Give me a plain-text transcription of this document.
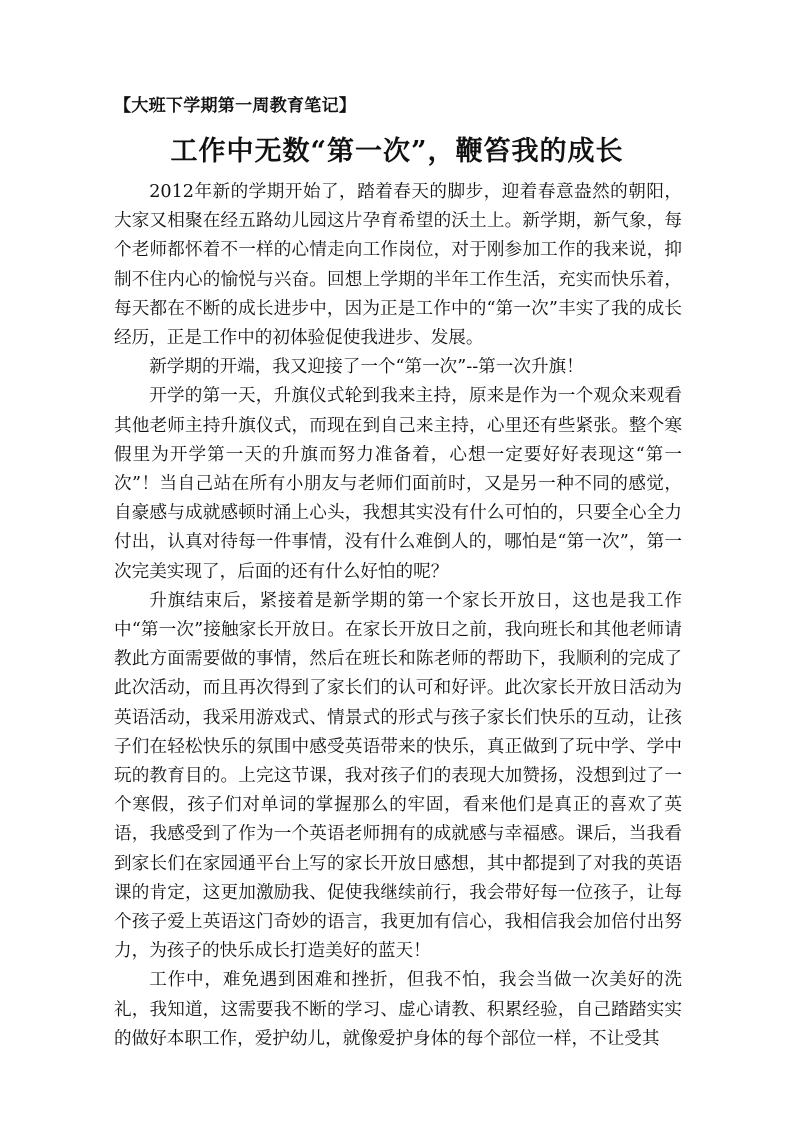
【大班下学期第一周教育笔记】
工作中无数“第一次”，鞭笞我的成长

2012年新的学期开始了，踏着春天的脚步，迎着春意盎然的朝阳，大家又相聚在经五路幼儿园这片孕育希望的沃土上。新学期，新气象，每个老师都怀着不一样的心情走向工作岗位，对于刚参加工作的我来说，抑制不住内心的愉悦与兴奋。回想上学期的半年工作生活，充实而快乐着，每天都在不断的成长进步中，因为正是工作中的“第一次”丰实了我的成长经历，正是工作中的初体验促使我进步、发展。

新学期的开端，我又迎接了一个“第一次”--第一次升旗！

开学的第一天，升旗仪式轮到我来主持，原来是作为一个观众来观看其他老师主持升旗仪式，而现在到自己来主持，心里还有些紧张。整个寒假里为开学第一天的升旗而努力准备着，心想一定要好好表现这“第一次”！当自己站在所有小朋友与老师们面前时，又是另一种不同的感觉，自豪感与成就感顿时涌上心头，我想其实没有什么可怕的，只要全心全力付出，认真对待每一件事情，没有什么难倒人的，哪怕是“第一次”，第一次完美实现了，后面的还有什么好怕的呢？

升旗结束后，紧接着是新学期的第一个家长开放日，这也是我工作中“第一次”接触家长开放日。在家长开放日之前，我向班长和其他老师请教此方面需要做的事情，然后在班长和陈老师的帮助下，我顺利的完成了此次活动，而且再次得到了家长们的认可和好评。此次家长开放日活动为英语活动，我采用游戏式、情景式的形式与孩子家长们快乐的互动，让孩子们在轻松快乐的氛围中感受英语带来的快乐，真正做到了玩中学、学中玩的教育目的。上完这节课，我对孩子们的表现大加赞扬，没想到过了一个寒假，孩子们对单词的掌握那么的牢固，看来他们是真正的喜欢了英语，我感受到了作为一个英语老师拥有的成就感与幸福感。课后，当我看到家长们在家园通平台上写的家长开放日感想，其中都提到了对我的英语课的肯定，这更加激励我、促使我继续前行，我会带好每一位孩子，让每个孩子爱上英语这门奇妙的语言，我更加有信心，我相信我会加倍付出努力，为孩子的快乐成长打造美好的蓝天！

工作中，难免遇到困难和挫折，但我不怕，我会当做一次美好的洗礼，我知道，这需要我不断的学习、虚心请教、积累经验，自己踏踏实实的做好本职工作，爱护幼儿，就像爱护身体的每个部位一样，不让受其
